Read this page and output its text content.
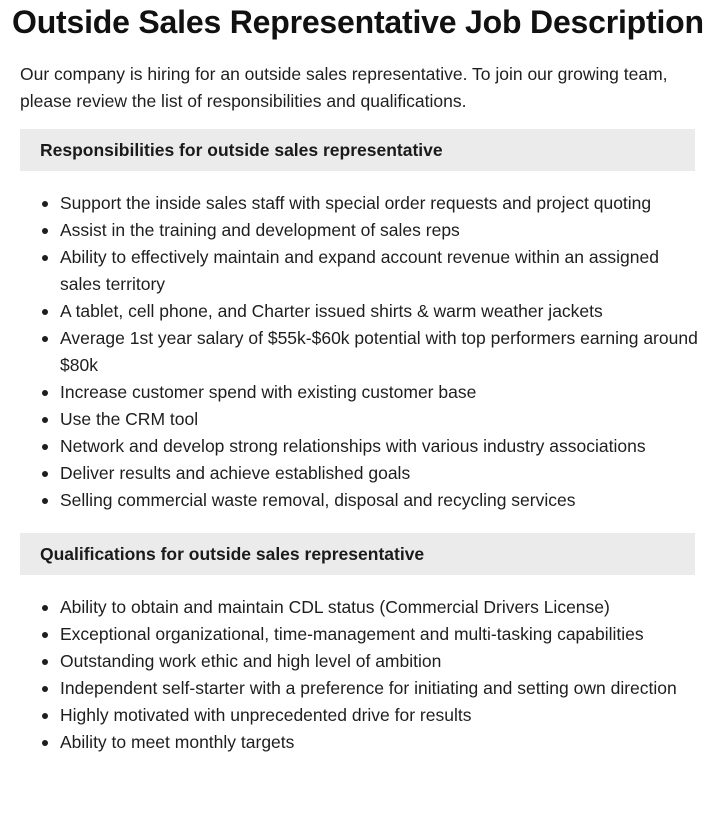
Outside Sales Representative Job Description

Our company is hiring for an outside sales representative. To join our growing team, please review the list of responsibilities and qualifications.

Responsibilities for outside sales representative
Support the inside sales staff with special order requests and project quoting
Assist in the training and development of sales reps
Ability to effectively maintain and expand account revenue within an assigned sales territory
A tablet, cell phone, and Charter issued shirts & warm weather jackets
Average 1st year salary of $55k-$60k potential with top performers earning around $80k
Increase customer spend with existing customer base
Use the CRM tool
Network and develop strong relationships with various industry associations
Deliver results and achieve established goals
Selling commercial waste removal, disposal and recycling services
Qualifications for outside sales representative
Ability to obtain and maintain CDL status (Commercial Drivers License)
Exceptional organizational, time-management and multi-tasking capabilities
Outstanding work ethic and high level of ambition
Independent self-starter with a preference for initiating and setting own direction
Highly motivated with unprecedented drive for results
Ability to meet monthly targets
